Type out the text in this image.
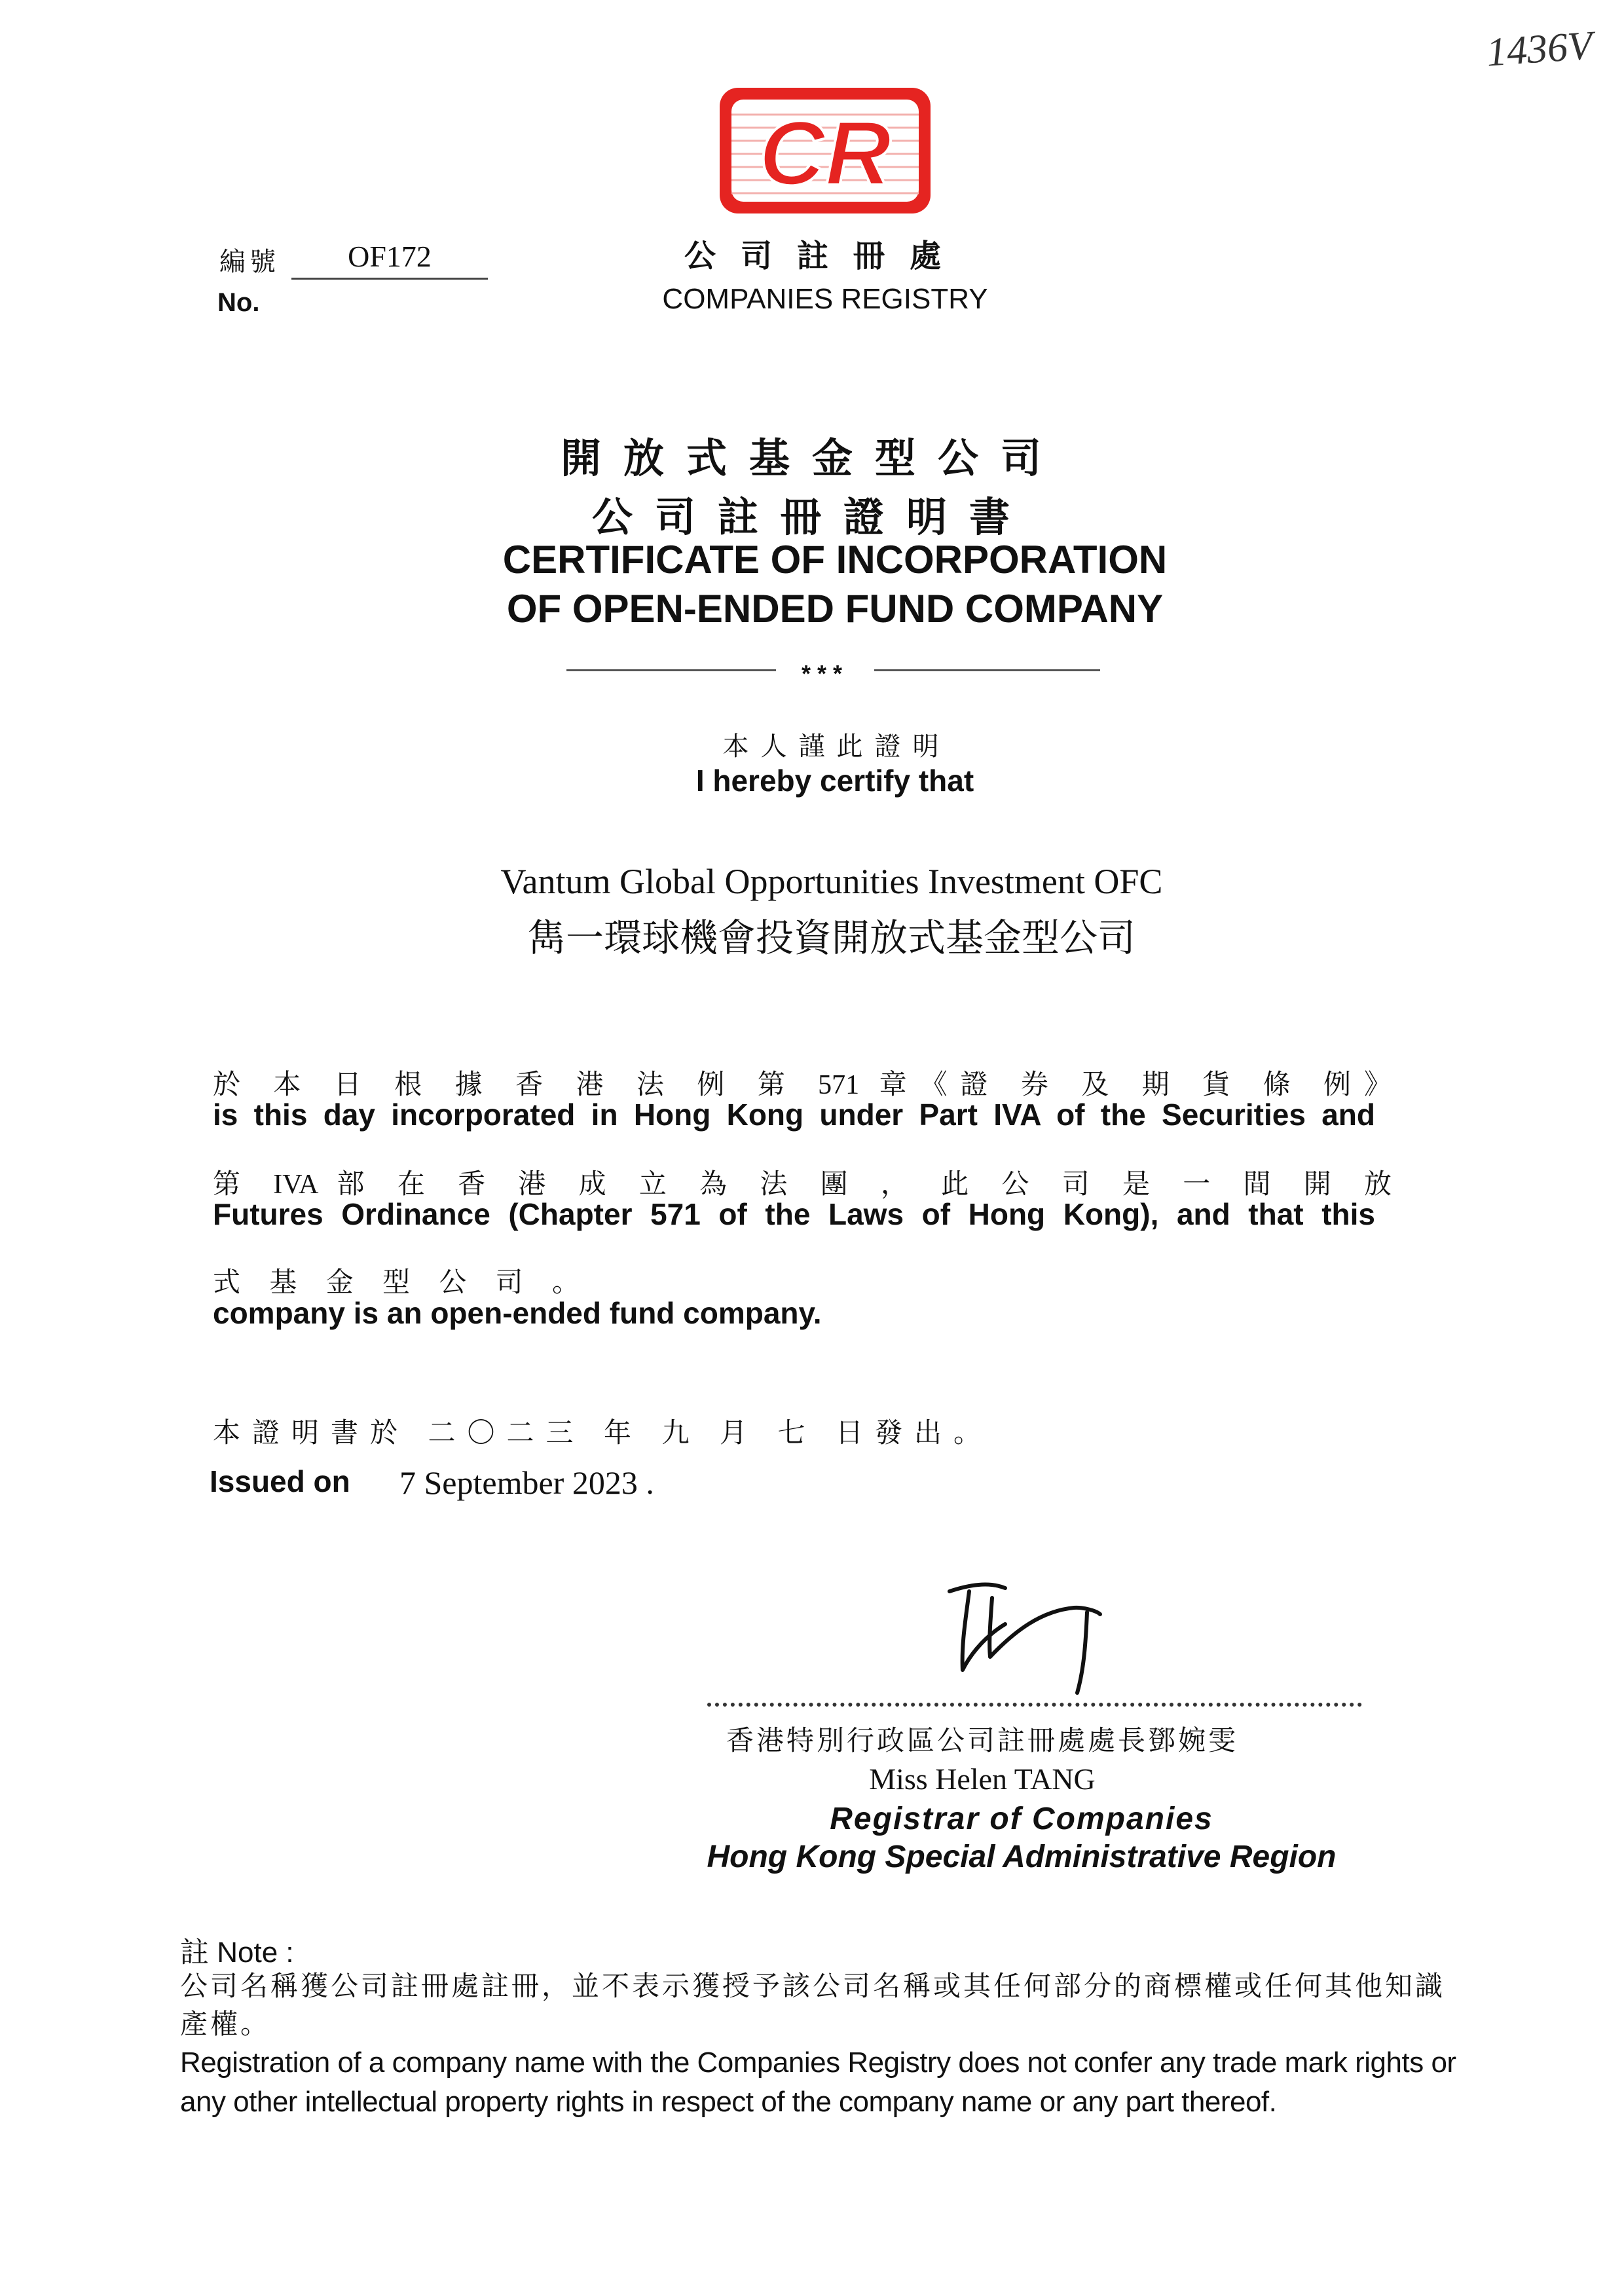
1436V
CR
編號
No.
OF172	公司註冊處
COMPANIES REGISTRY
開放式基金型公司
公司註冊證明書
CERTIFICATE OF INCORPORATION
OF OPEN-ENDED FUND COMPANY
***
本人謹此證明
I hereby certify that
Vantum Global Opportunities Investment OFC
雋一環球機會投資開放式基金型公司
於 本 日 根 據 香 港 法 例 第 571 章《證 券 及 期 貨 條 例》
is this day incorporated in Hong Kong under Part IVA of the Securities and
第 IVA 部 在 香 港 成 立 為 法 團 ， 此 公 司 是 一 間 開 放
Futures Ordinance (Chapter 571 of the Laws of Hong Kong), and that this
式 基 金 型 公 司 。
company is an open-ended fund company.
本證明書於 二〇二三 年 九 月 七 日發出。
Issued on 7 September 2023 .
香港特別行政區公司註冊處處長鄧婉雯
Miss Helen TANG
Registrar of Companies
Hong Kong Special Administrative Region
註 Note :
公司名稱獲公司註冊處註冊，並不表示獲授予該公司名稱或其任何部分的商標權或任何其他知識產權。
Registration of a company name with the Companies Registry does not confer any trade mark rights or any other intellectual property rights in respect of the company name or any part thereof.
